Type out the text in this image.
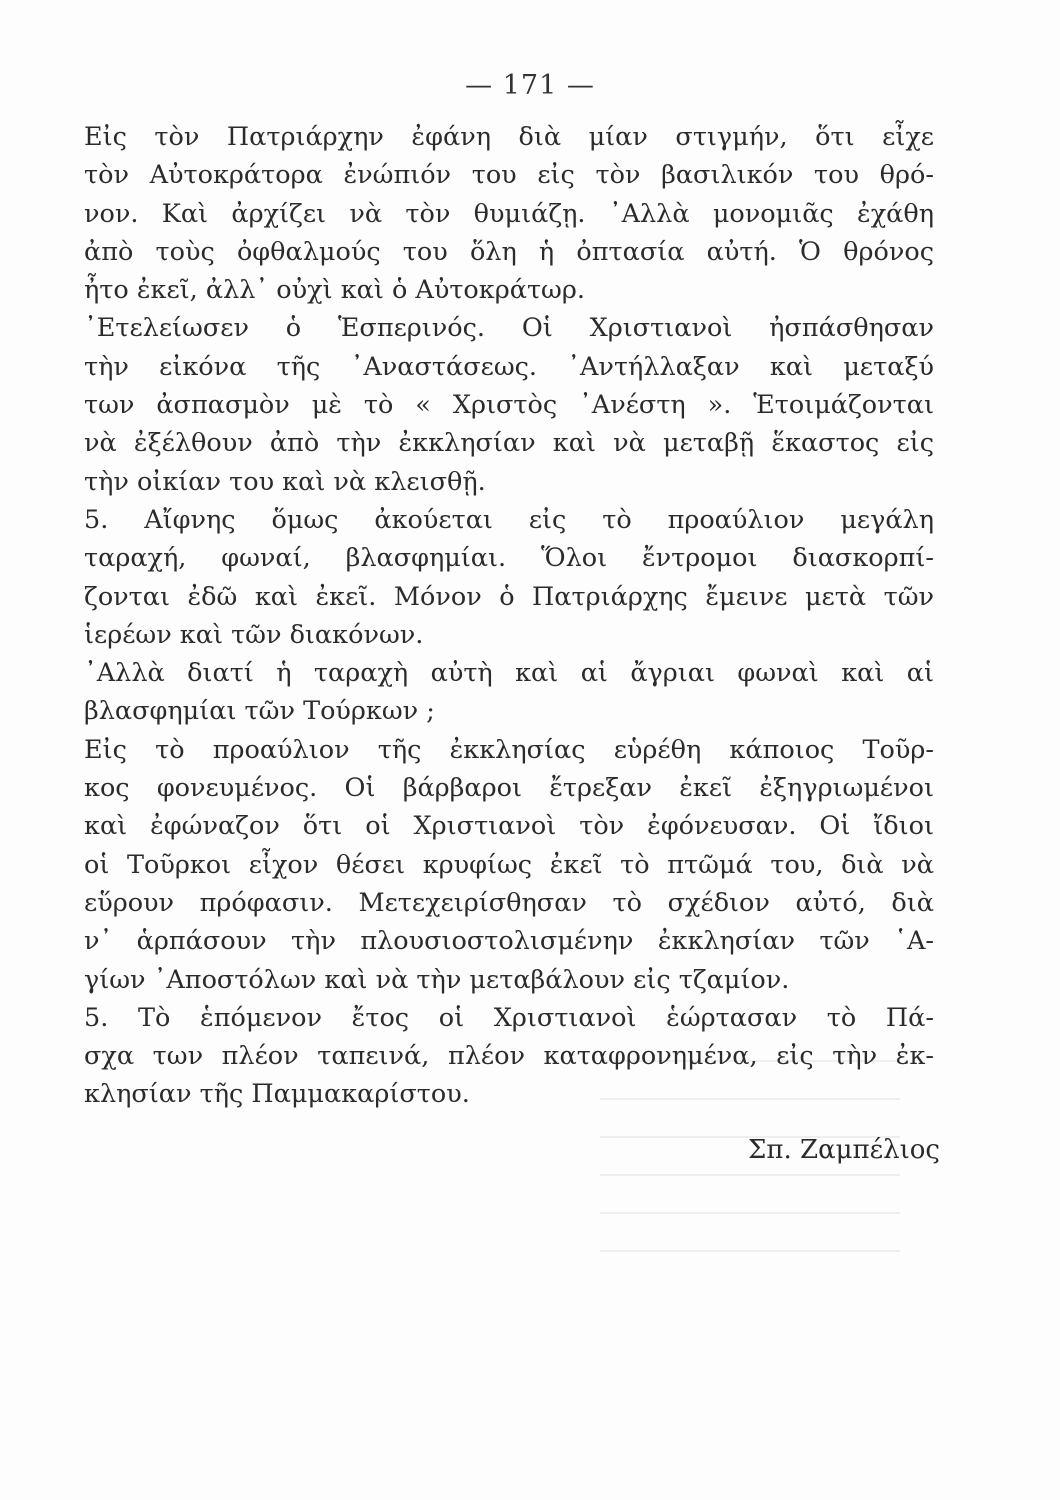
— 171 —
Εἰς τὸν Πατριάρχην ἐφάνη διὰ μίαν στιγμήν, ὅτι εἶχε
τὸν Αὐτοκράτορα ἐνώπιόν του εἰς τὸν βασιλικόν του θρό-
νον. Καὶ ἀρχίζει νὰ τὸν θυμιάζῃ. ᾿Αλλὰ μονομιᾶς ἐχάθη
ἀπὸ τοὺς ὀφθαλμούς του ὅλη ἡ ὀπτασία αὐτή. Ὁ θρόνος
ἦτο ἐκεῖ, ἀλλ᾽ οὐχὶ καὶ ὁ Αὐτοκράτωρ.
᾿Ετελείωσεν ὁ Ἑσπερινός. Οἱ Χριστιανοὶ ἠσπάσθησαν
τὴν εἰκόνα τῆς ᾿Αναστάσεως. ᾿Αντήλλαξαν καὶ μεταξύ
των ἀσπασμὸν μὲ τὸ « Χριστὸς ᾿Ανέστη ». Ἑτοιμάζονται
νὰ ἐξέλθουν ἀπὸ τὴν ἐκκλησίαν καὶ νὰ μεταβῇ ἕκαστος εἰς
τὴν οἰκίαν του καὶ νὰ κλεισθῇ.
5. Αἴφνης ὅμως ἀκούεται εἰς τὸ προαύλιον μεγάλη
ταραχή, φωναί, βλασφημίαι. Ὅλοι ἔντρομοι διασκορπί-
ζονται ἐδῶ καὶ ἐκεῖ. Μόνον ὁ Πατριάρχης ἔμεινε μετὰ τῶν
ἱερέων καὶ τῶν διακόνων.
᾿Αλλὰ διατί ἡ ταραχὴ αὐτὴ καὶ αἱ ἄγριαι φωναὶ καὶ αἱ
βλασφημίαι τῶν Τούρκων ;
Εἰς τὸ προαύλιον τῆς ἐκκλησίας εὑρέθη κάποιος Τοῦρ-
κος φονευμένος. Οἱ βάρβαροι ἔτρεξαν ἐκεῖ ἐξηγριωμένοι
καὶ ἐφώναζον ὅτι οἱ Χριστιανοὶ τὸν ἐφόνευσαν. Οἱ ἴδιοι
οἱ Τοῦρκοι εἶχον θέσει κρυφίως ἐκεῖ τὸ πτῶμά του, διὰ νὰ
εὕρουν πρόφασιν. Μετεχειρίσθησαν τὸ σχέδιον αὐτό, διὰ
ν᾽ ἁρπάσουν τὴν πλουσιοστολισμένην ἐκκλησίαν τῶν ῾Α-
γίων ᾿Αποστόλων καὶ νὰ τὴν μεταβάλουν εἰς τζαμίον.
5. Τὸ ἑπόμενον ἔτος οἱ Χριστιανοὶ ἑώρτασαν τὸ Πά-
σχα των πλέον ταπεινά, πλέον καταφρονημένα, εἰς τὴν ἐκ-
κλησίαν τῆς Παμμακαρίστου.
Σπ. Ζαμπέλιος
